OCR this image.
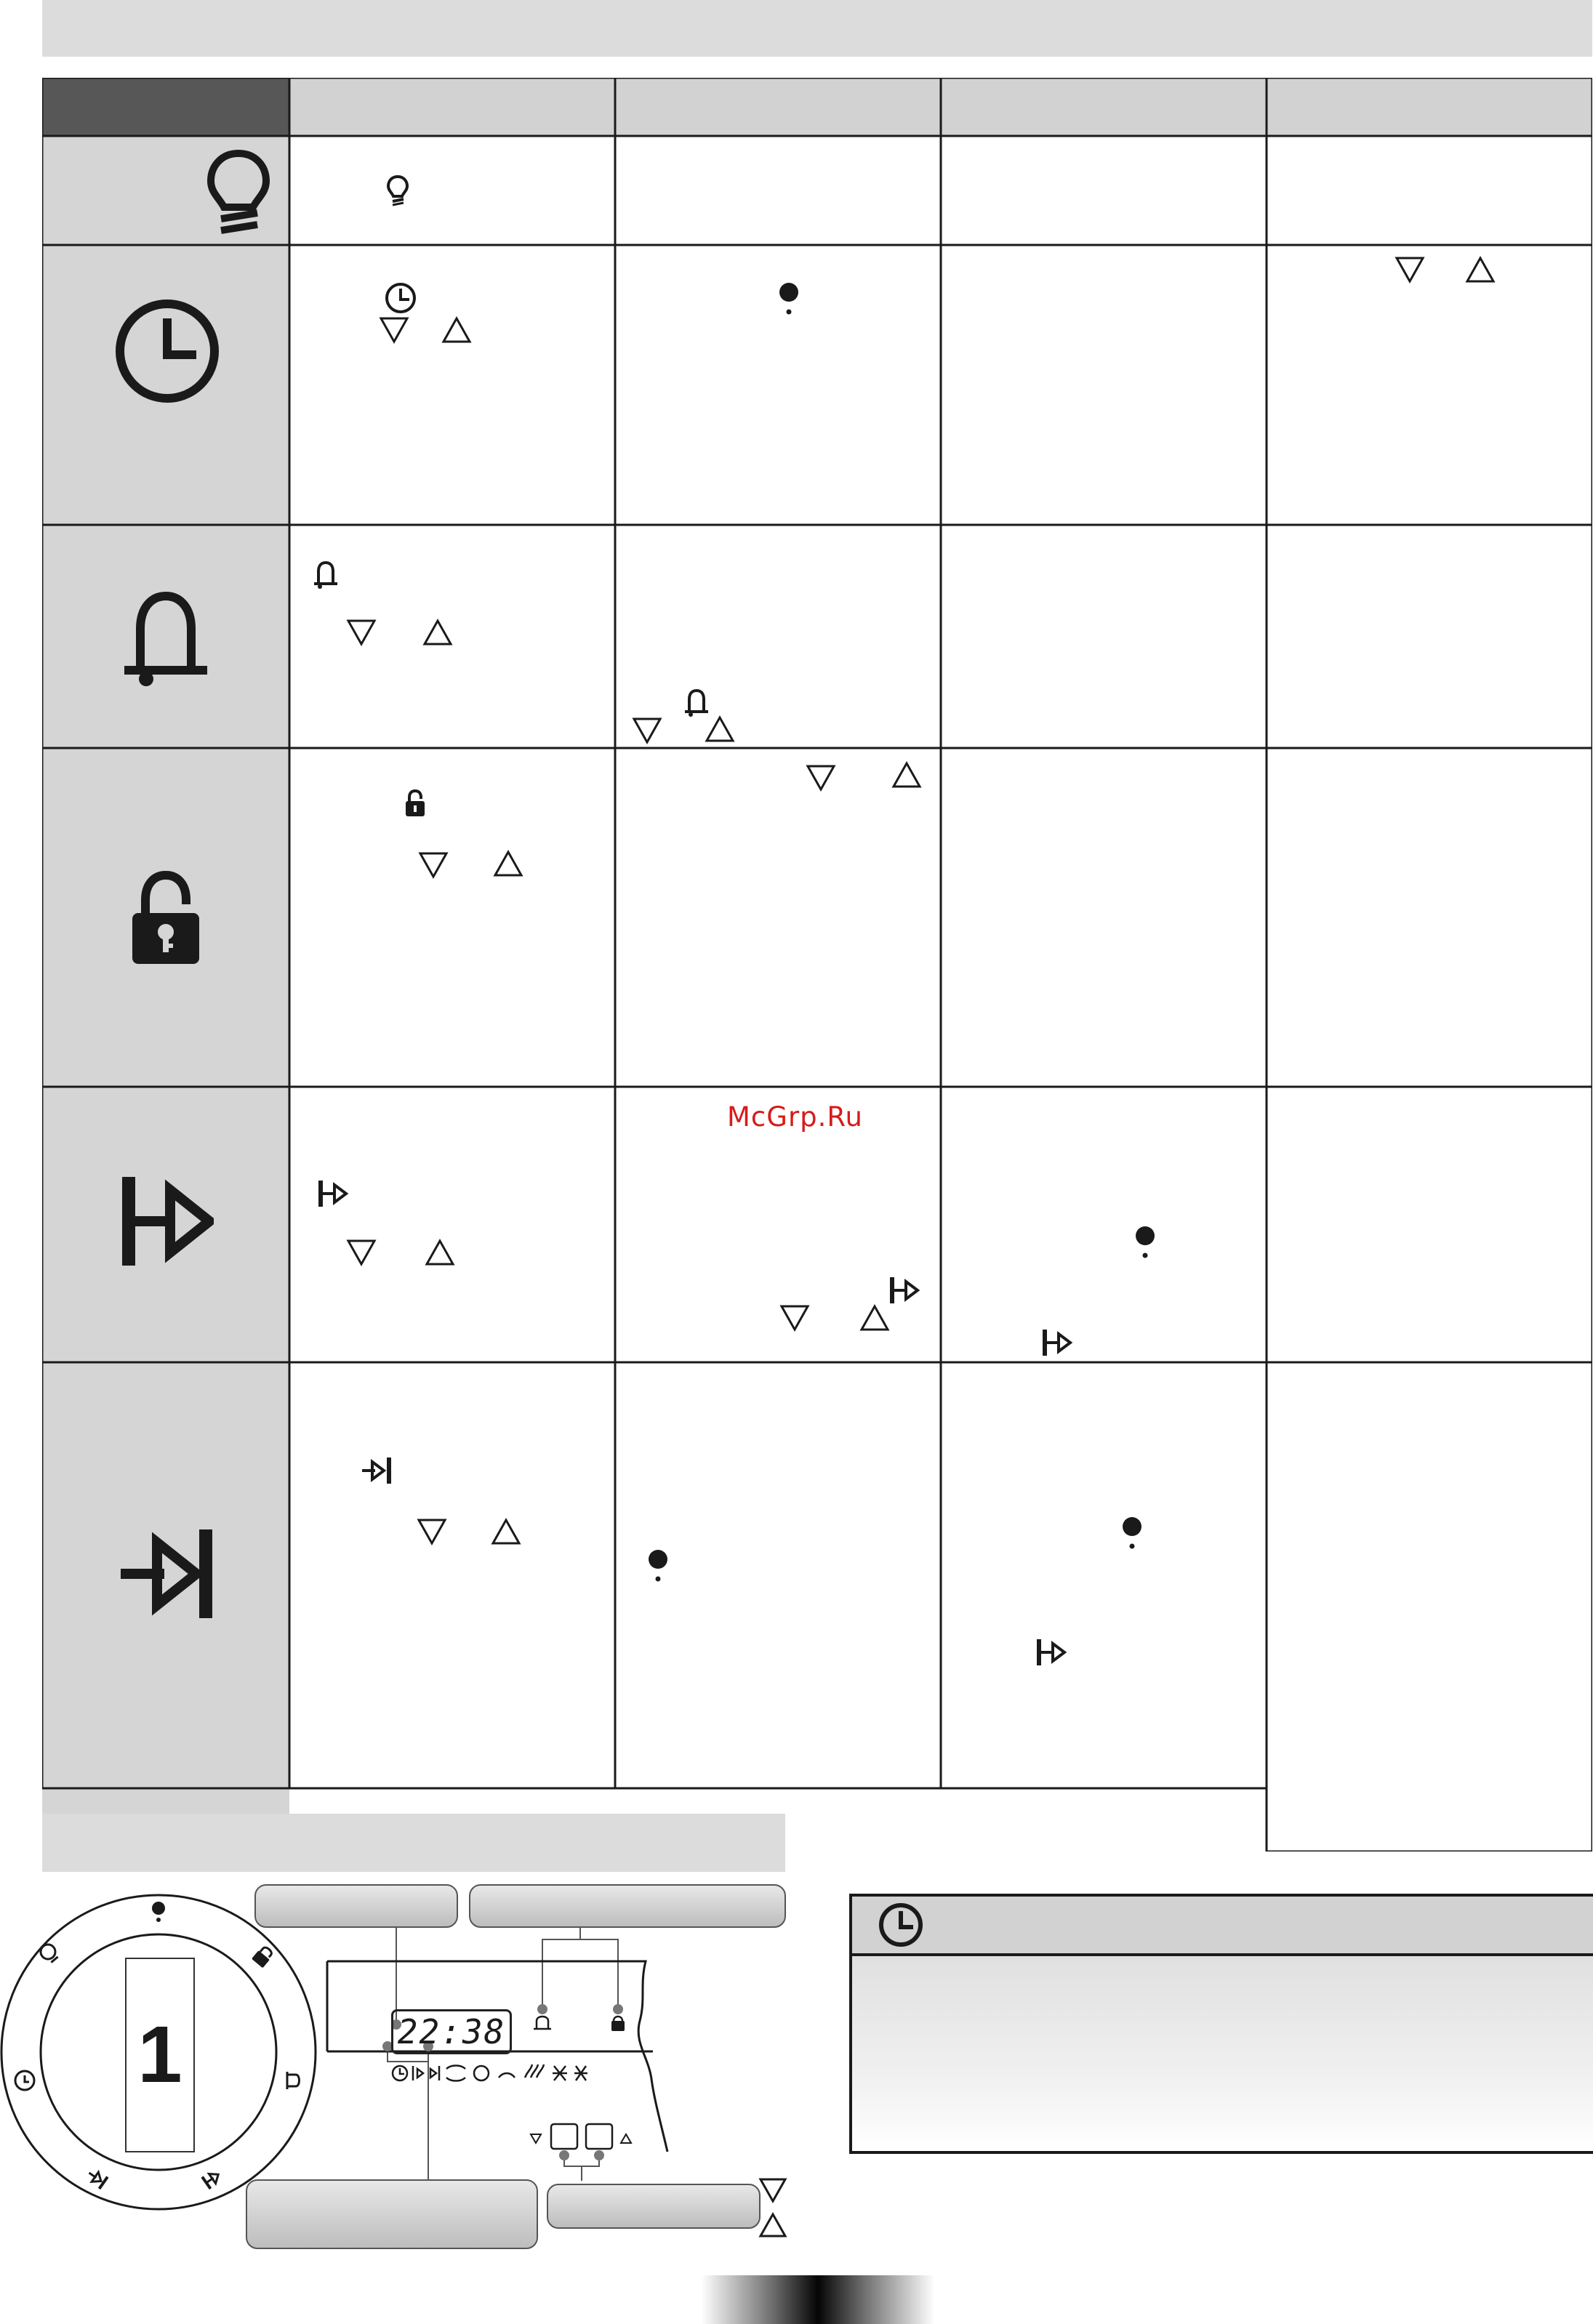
McGrp.Ru
1	22:38
